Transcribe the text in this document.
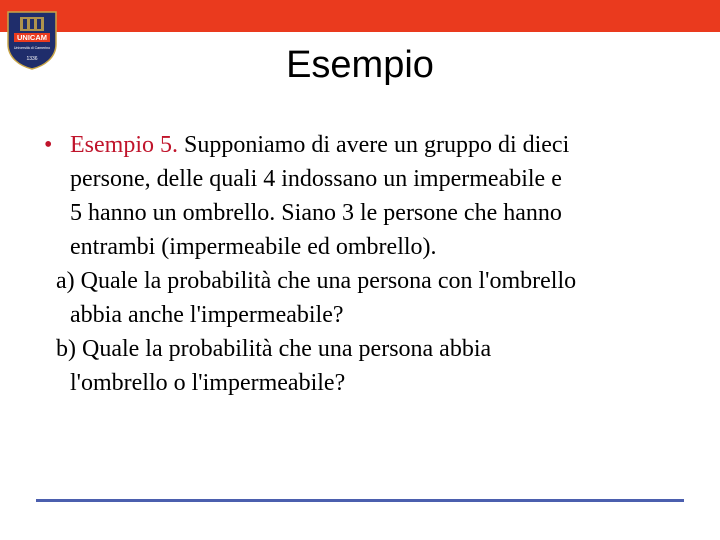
UNICAM
Università di Camerino
1336	Esempio
• Esempio 5. Supponiamo di avere un gruppo di dieci
persone, delle quali 4 indossano un impermeabile e
5 hanno un ombrello. Siano 3 le persone che hanno
entrambi (impermeabile ed ombrello).

a) Quale la probabilità che una persona con l'ombrello
abbia anche l'impermeabile?

b) Quale la probabilità che una persona abbia
l'ombrello o l'impermeabile?
